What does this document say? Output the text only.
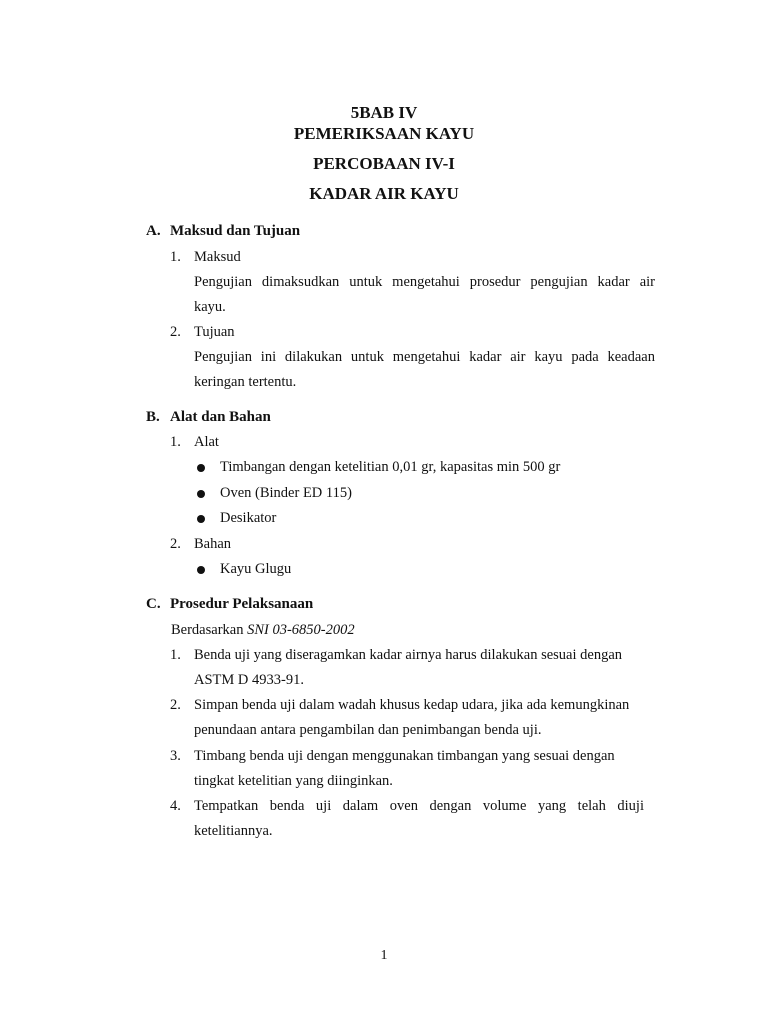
5BAB IV
PEMERIKSAAN KAYU
PERCOBAAN IV-I
KADAR AIR KAYU
A. Maksud dan Tujuan
1. Maksud
Pengujian dimaksudkan untuk mengetahui prosedur pengujian kadar air
kayu.
2. Tujuan
Pengujian ini dilakukan untuk mengetahui kadar air kayu pada keadaan
keringan tertentu.
B. Alat dan Bahan
1. Alat
Timbangan dengan ketelitian 0,01 gr, kapasitas min 500 gr
Oven (Binder ED 115)
Desikator
2. Bahan
Kayu Glugu
C. Prosedur Pelaksanaan
Berdasarkan SNI 03-6850-2002
1. Benda uji yang diseragamkan kadar airnya harus dilakukan sesuai dengan
ASTM D 4933-91.
2. Simpan benda uji dalam wadah khusus kedap udara, jika ada kemungkinan
penundaan antara pengambilan dan penimbangan benda uji.
3. Timbang benda uji dengan menggunakan timbangan yang sesuai dengan
tingkat ketelitian yang diinginkan.
4. Tempatkan benda uji dalam oven dengan volume yang telah diuji
ketelitiannya.
1
